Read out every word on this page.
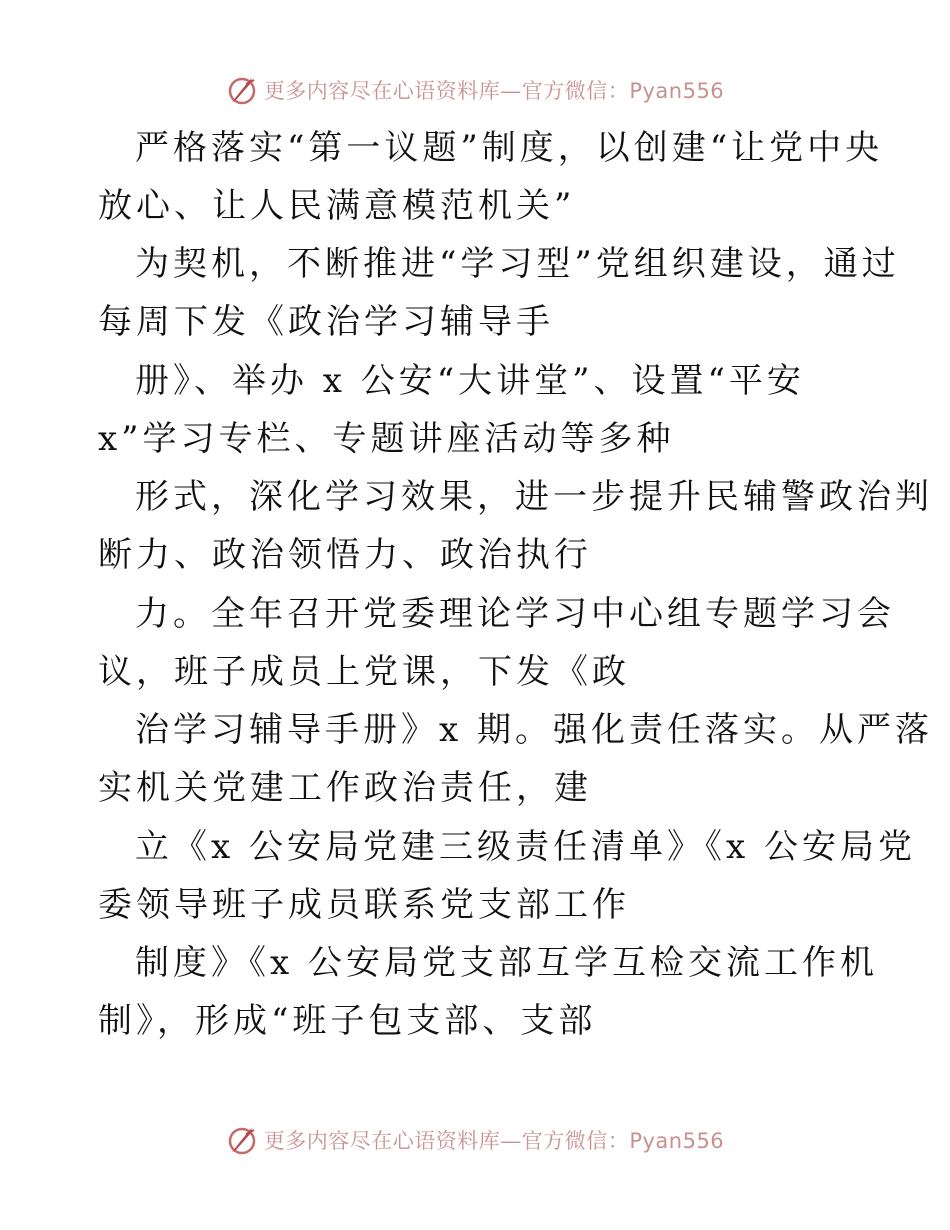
更多内容尽在心语资料库—官方微信：Pyan556
严格落实“第一议题”制度，以创建“让党中央
放心、让人民满意模范机关”
为契机，不断推进“学习型”党组织建设，通过
每周下发《政治学习辅导手
册》、举办 x 公安“大讲堂”、设置“平安
x”学习专栏、专题讲座活动等多种
形式，深化学习效果，进一步提升民辅警政治判
断力、政治领悟力、政治执行
力。全年召开党委理论学习中心组专题学习会
议，班子成员上党课，下发《政
治学习辅导手册》x 期。强化责任落实。从严落
实机关党建工作政治责任，建
立《x 公安局党建三级责任清单》《x 公安局党
委领导班子成员联系党支部工作
制度》《x 公安局党支部互学互检交流工作机
制》，形成“班子包支部、支部
更多内容尽在心语资料库—官方微信：Pyan556
